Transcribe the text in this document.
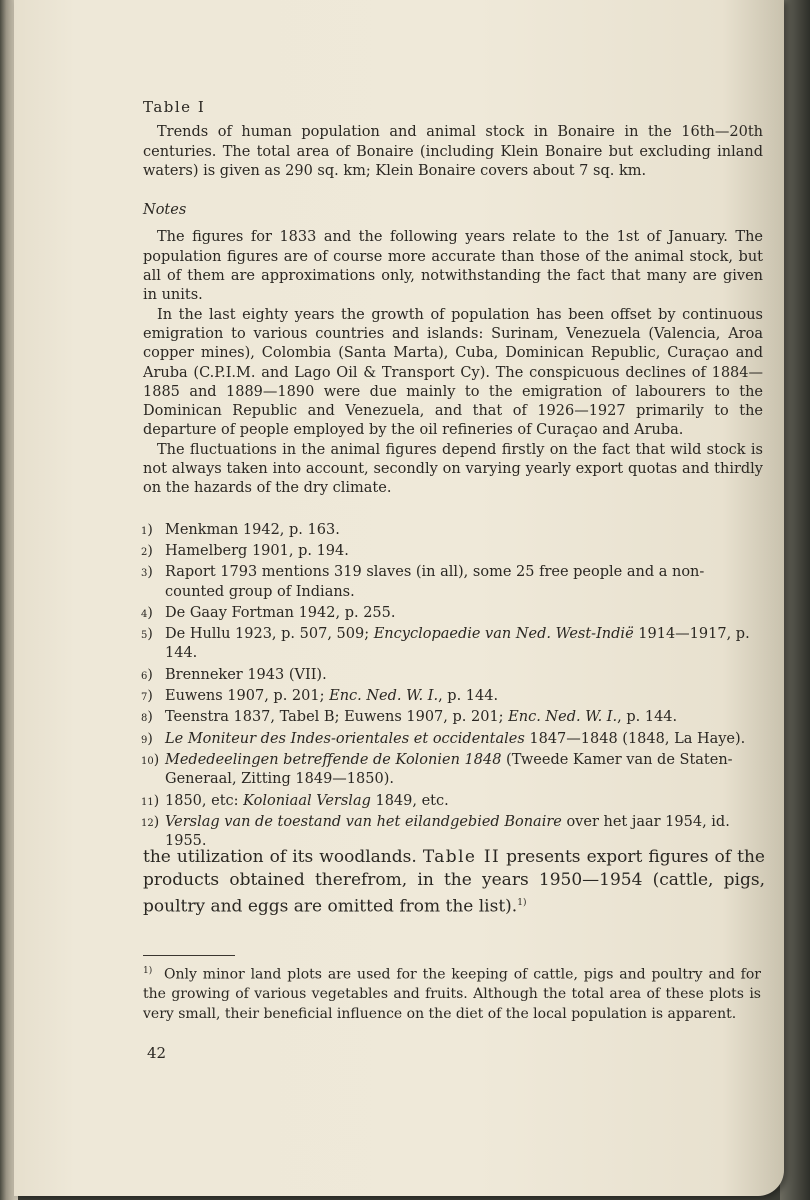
Table I

Trends of human population and animal stock in Bonaire in the 16th—20th centuries. The total area of Bonaire (including Klein Bonaire but excluding inland waters) is given as 290 sq. km; Klein Bonaire covers about 7 sq. km.

Notes

The figures for 1833 and the following years relate to the 1st of January. The population figures are of course more accurate than those of the animal stock, but all of them are approximations only, notwithstanding the fact that many are given in units.

In the last eighty years the growth of population has been offset by continuous emigration to various countries and islands: Surinam, Venezuela (Valencia, Aroa copper mines), Colombia (Santa Marta), Cuba, Dominican Republic, Curaçao and Aruba (C.P.I.M. and Lago Oil & Transport Cy). The conspicuous declines of 1884—1885 and 1889—1890 were due mainly to the emigration of labourers to the Dominican Republic and Venezuela, and that of 1926—1927 primarily to the departure of people employed by the oil refineries of Curaçao and Aruba.

The fluctuations in the animal figures depend firstly on the fact that wild stock is not always taken into account, secondly on varying yearly export quotas and thirdly on the hazards of the dry climate.

1) Menkman 1942, p. 163.
2) Hamelberg 1901, p. 194.
3) Raport 1793 mentions 319 slaves (in all), some 25 free people and a non-counted group of Indians.
4) De Gaay Fortman 1942, p. 255.
5) De Hullu 1923, p. 507, 509; Encyclopaedie van Ned. West-Indië 1914—1917, p. 144.
6) Brenneker 1943 (VII).
7) Euwens 1907, p. 201; Enc. Ned. W. I., p. 144.
8) Teenstra 1837, Tabel B; Euwens 1907, p. 201; Enc. Ned. W. I., p. 144.
9) Le Moniteur des Indes-orientales et occidentales 1847—1848 (1848, La Haye).
10) Mededeelingen betreffende de Kolonien 1848 (Tweede Kamer van de Staten-Generaal, Zitting 1849—1850).
11) 1850, etc: Koloniaal Verslag 1849, etc.
12) Verslag van de toestand van het eilandgebied Bonaire over het jaar 1954, id. 1955.

the utilization of its woodlands. Table II presents export figures of the products obtained therefrom, in the years 1950—1954 (cattle, pigs, poultry and eggs are omitted from the list).$^{1)}$

$^{1)}$ Only minor land plots are used for the keeping of cattle, pigs and poultry and for the growing of various vegetables and fruits. Although the total area of these plots is very small, their beneficial influence on the diet of the local population is apparent.

42
